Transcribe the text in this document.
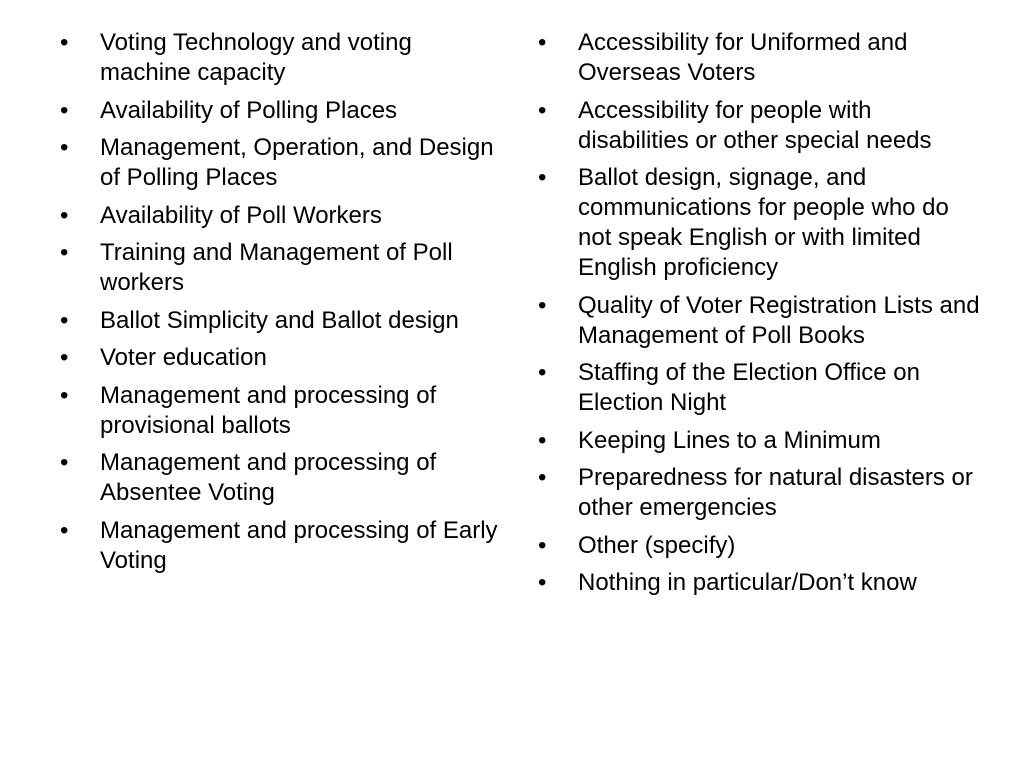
•	Voting Technology and voting machine capacity
•	Availability of Polling Places
•	Management, Operation, and Design of Polling Places
•	Availability of Poll Workers
•	Training and Management of Poll workers
•	Ballot Simplicity and Ballot design
•	Voter education
•	Management and processing of provisional ballots
•	Management and processing of Absentee Voting
•	Management and processing of Early Voting
•	Accessibility for Uniformed and Overseas Voters
•	Accessibility for people with disabilities or other special needs
•	Ballot design, signage, and communications for people who do not speak English or with limited English proficiency
•	Quality of Voter Registration Lists and Management of Poll Books
•	Staffing of the Election Office on Election Night
•	Keeping Lines to a Minimum
•	Preparedness for natural disasters or other emergencies
•	Other (specify)
•	Nothing in particular/Don’t know
